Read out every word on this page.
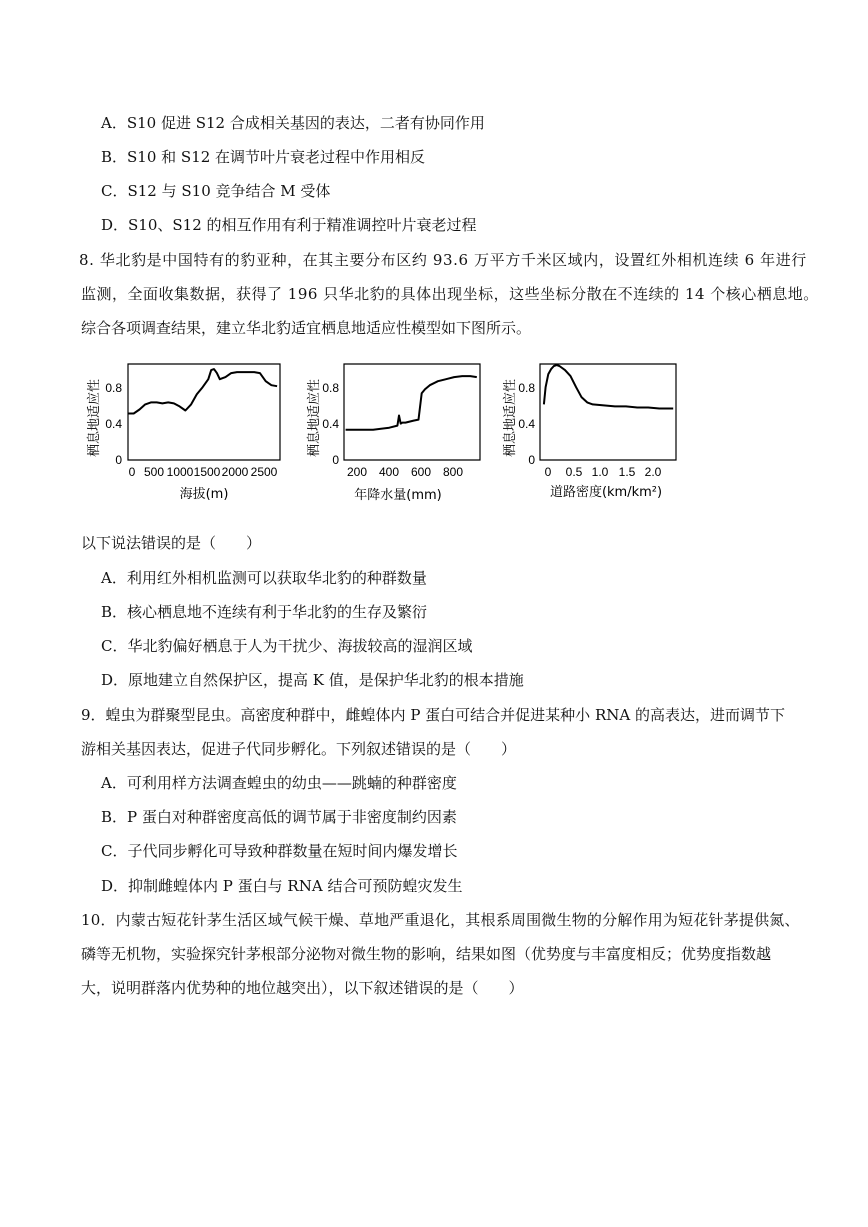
A．S10 促进 S12 合成相关基因的表达，二者有协同作用
B．S10 和 S12 在调节叶片衰老过程中作用相反
C．S12 与 S10 竞争结合 M 受体
D．S10、S12 的相互作用有利于精准调控叶片衰老过程
8. 华北豹是中国特有的豹亚种，在其主要分布区约 93.6 万平方千米区域内，设置红外相机连续 6 年进行
监测，全面收集数据，获得了 196 只华北豹的具体出现坐标，这些坐标分散在不连续的 14 个核心栖息地。
综合各项调查结果，建立华北豹适宜栖息地适应性模型如下图所示。
栖息地适应性
0 500 1000 1500 2000 2500
0
0.4
0.8
海拔(m)
栖息地适应性
200 400 600 800
0
0.4
0.8
年降水量(mm)
栖息地适应性
0 0.5 1.0 1.5 2.0
0
0.4
0.8
道路密度(km/km²)
以下说法错误的是（　　）
A．利用红外相机监测可以获取华北豹的种群数量
B．核心栖息地不连续有利于华北豹的生存及繁衍
C．华北豹偏好栖息于人为干扰少、海拔较高的湿润区域
D．原地建立自然保护区，提高 K 值，是保护华北豹的根本措施
9．蝗虫为群聚型昆虫。高密度种群中，雌蝗体内 P 蛋白可结合并促进某种小 RNA 的高表达，进而调节下
游相关基因表达，促进子代同步孵化。下列叙述错误的是（　　）
A．可利用样方法调查蝗虫的幼虫——跳蝻的种群密度
B．P 蛋白对种群密度高低的调节属于非密度制约因素
C．子代同步孵化可导致种群数量在短时间内爆发增长
D．抑制雌蝗体内 P 蛋白与 RNA 结合可预防蝗灾发生
10．内蒙古短花针茅生活区域气候干燥、草地严重退化，其根系周围微生物的分解作用为短花针茅提供氮、
磷等无机物，实验探究针茅根部分泌物对微生物的影响，结果如图（优势度与丰富度相反；优势度指数越
大，说明群落内优势种的地位越突出），以下叙述错误的是（　　）
